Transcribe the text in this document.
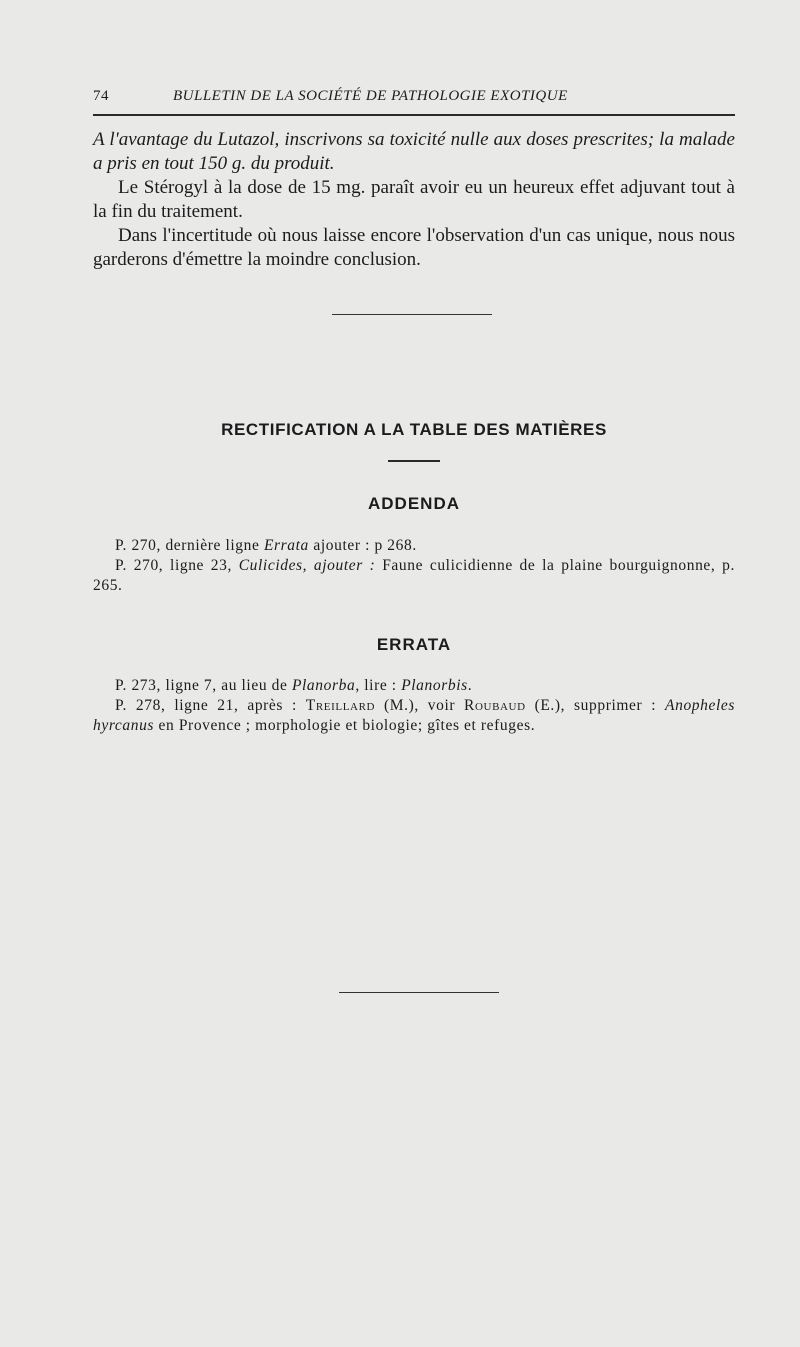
74	BULLETIN DE LA SOCIÉTÉ DE PATHOLOGIE EXOTIQUE

A l'avantage du Lutazol, inscrivons sa toxicité nulle aux doses prescrites; la malade a pris en tout 150 g. du produit.

Le Stérogyl à la dose de 15 mg. paraît avoir eu un heureux effet adjuvant tout à la fin du traitement.

Dans l'incertitude où nous laisse encore l'observation d'un cas unique, nous nous garderons d'émettre la moindre conclusion.

RECTIFICATION A LA TABLE DES MATIÈRES
ADDENDA

P. 270, dernière ligne Errata ajouter : p 268.

P. 270, ligne 23, Culicides, ajouter : Faune culicidienne de la plaine bourguignonne, p. 265.

ERRATA

P. 273, ligne 7, au lieu de Planorba, lire : Planorbis.

P. 278, ligne 21, après : Treillard (M.), voir Roubaud (E.), supprimer : Anopheles hyrcanus en Provence ; morphologie et biologie; gîtes et refuges.
